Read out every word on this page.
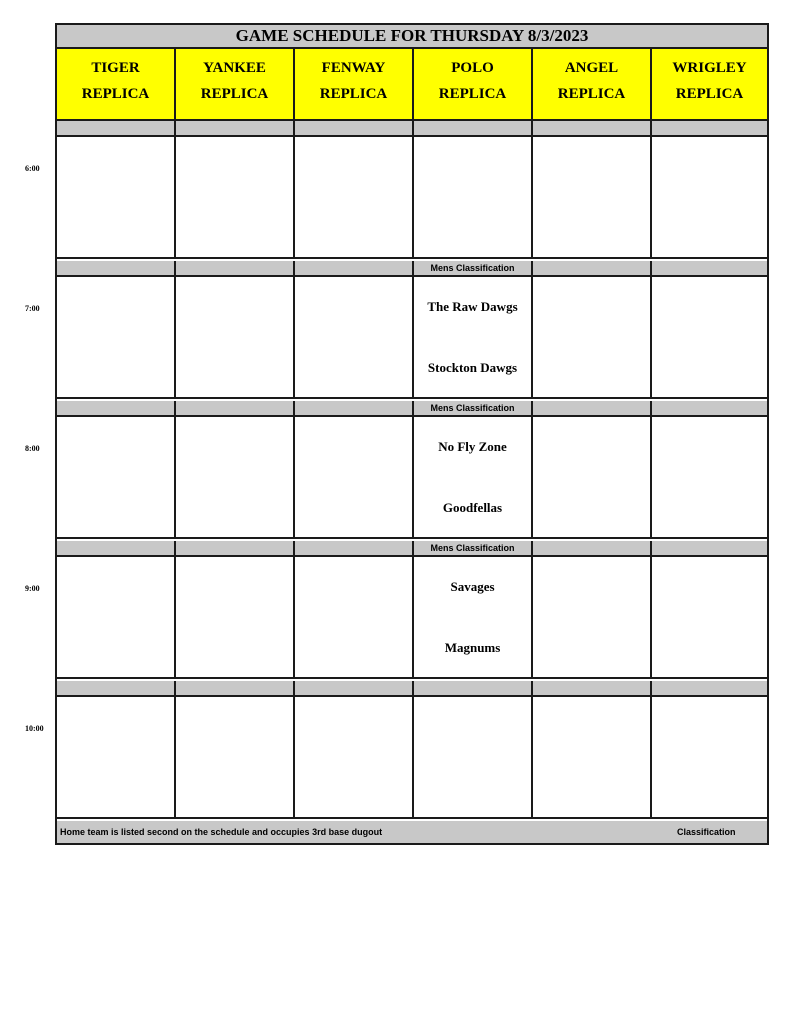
6:00
7:00
8:00
9:00
10:00
GAME SCHEDULE FOR THURSDAY 8/3/2023
TIGER
REPLICA
YANKEE
REPLICA
FENWAY
REPLICA
POLO
REPLICA
ANGEL
REPLICA
WRIGLEY
REPLICA
Mens Classification
The Raw Dawgs
Stockton Dawgs
Mens Classification
No Fly Zone
Goodfellas
Mens Classification
Savages
Magnums
Home team is listed second on the schedule and occupies 3rd base dugout	Classification
